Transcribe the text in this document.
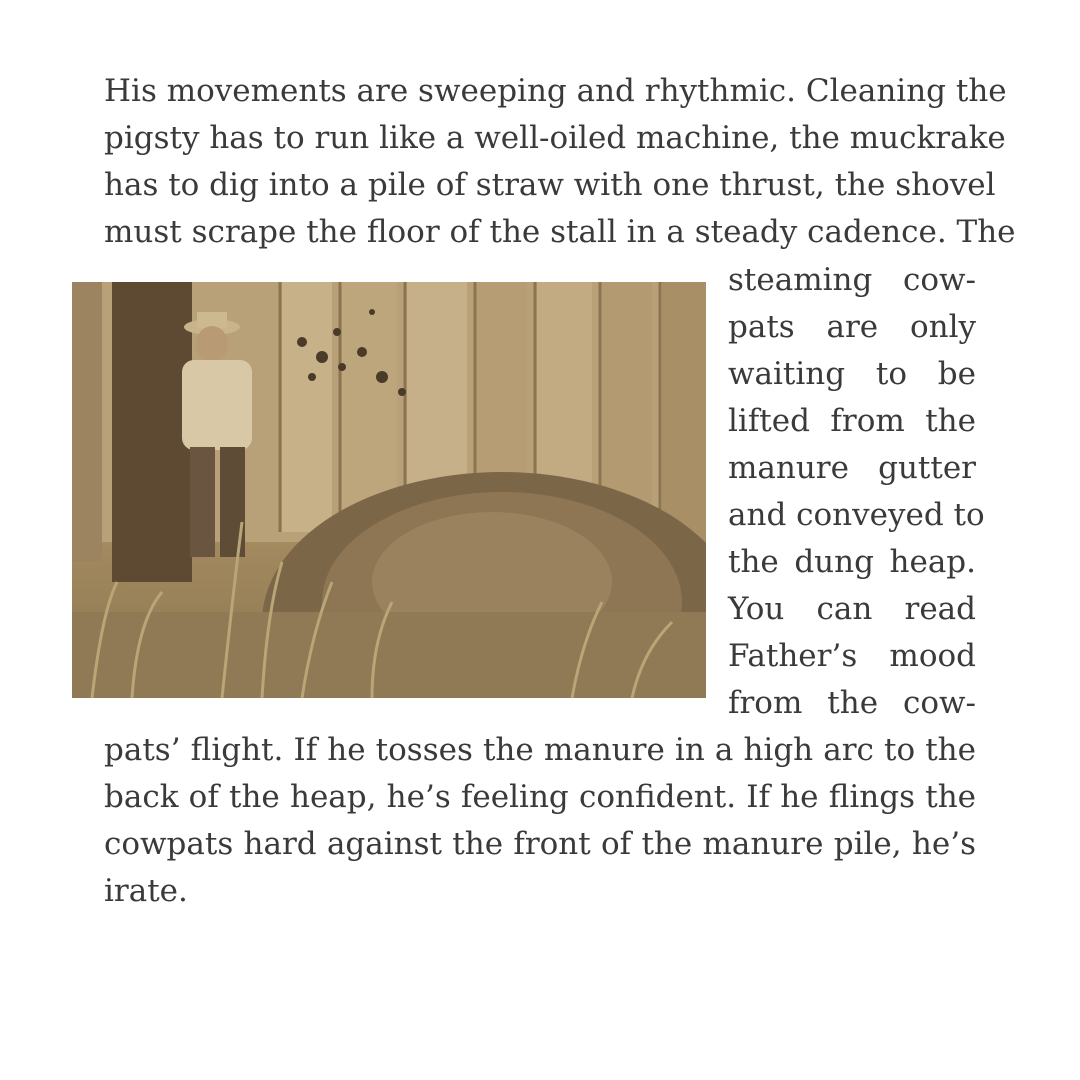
His movements are sweeping and rhythmic. Cleaning the
pigsty has to run like a well-oiled machine, the muckrake
has to dig into a pile of straw with one thrust, the shovel
must scrape the floor of the stall in a steady cadence. The
steaming cow-
pats are only
waiting to be
lifted from the
manure gutter
and conveyed to
the dung heap.
You can read
Father’s mood
from the cow-
pats’ flight. If he tosses the manure in a high arc to the
back of the heap, he’s feeling confident. If he flings the
cowpats hard against the front of the manure pile, he’s
irate.
